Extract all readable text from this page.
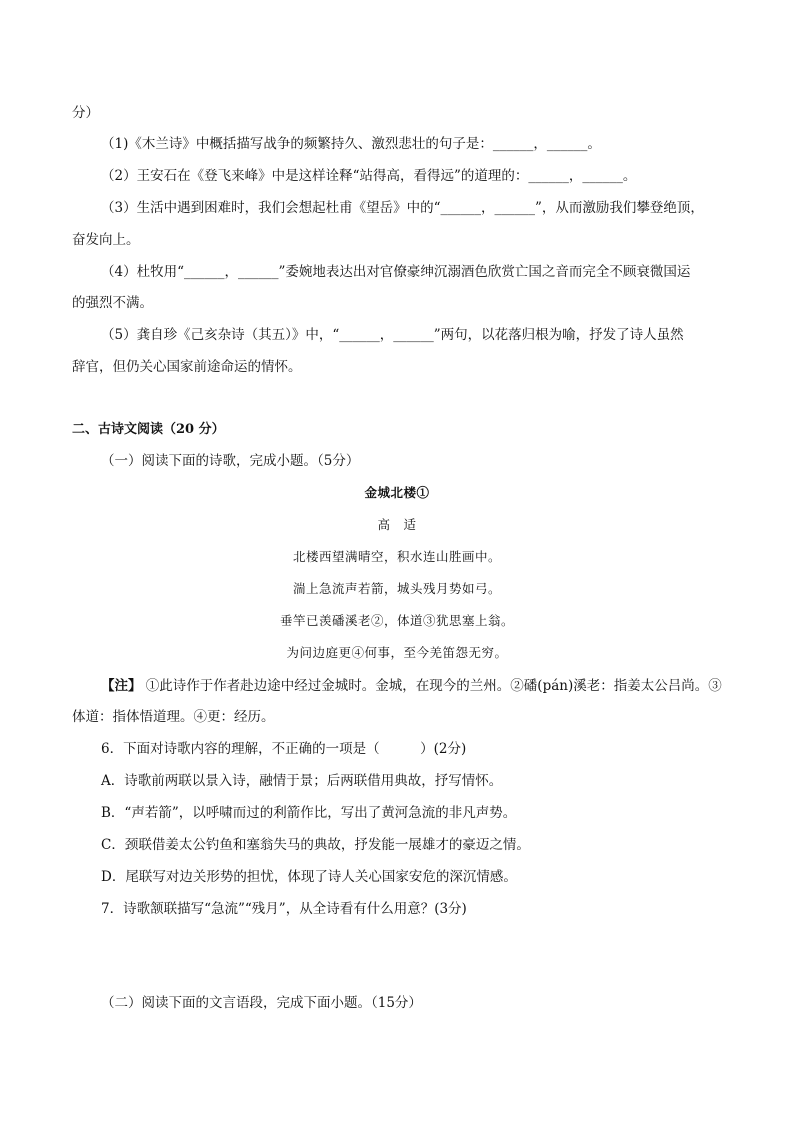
分）
（1)《木兰诗》中概括描写战争的频繁持久、激烈悲壮的句子是：______，______。
（2）王安石在《登飞来峰》中是这样诠释“站得高，看得远”的道理的：______，______。
（3）生活中遇到困难时，我们会想起杜甫《望岳》中的“______，______”，从而激励我们攀登绝顶，
奋发向上。
（4）杜牧用“______，______”委婉地表达出对官僚豪绅沉溺酒色欣赏亡国之音而完全不顾衰微国运
的强烈不满。
（5）龚自珍《己亥杂诗（其五）》中，“______，______”两句，以花落归根为喻，抒发了诗人虽然
辞官，但仍关心国家前途命运的情怀。
二、古诗文阅读（20 分）
（一）阅读下面的诗歌，完成小题。（5分）
金城北楼①
高　适
北楼西望满晴空，积水连山胜画中。
湍上急流声若箭，城头残月势如弓。
垂竿已羡磻溪老②，体道③犹思塞上翁。
为问边庭更④何事，至今羌笛怨无穷。
【注】 ①此诗作于作者赴边途中经过金城时。金城，在现今的兰州。②磻(pán)溪老：指姜太公吕尚。③
体道：指体悟道理。④更：经历。
6．下面对诗歌内容的理解，不正确的一项是（　　　）(2分)
A．诗歌前两联以景入诗，融情于景；后两联借用典故，抒写情怀。
B．“声若箭”，以呼啸而过的利箭作比，写出了黄河急流的非凡声势。
C．颈联借姜太公钓鱼和塞翁失马的典故，抒发能一展雄才的豪迈之情。
D．尾联写对边关形势的担忧，体现了诗人关心国家安危的深沉情感。
7．诗歌颔联描写“急流”“残月”，从全诗看有什么用意？(3分)
（二）阅读下面的文言语段，完成下面小题。（15分）
